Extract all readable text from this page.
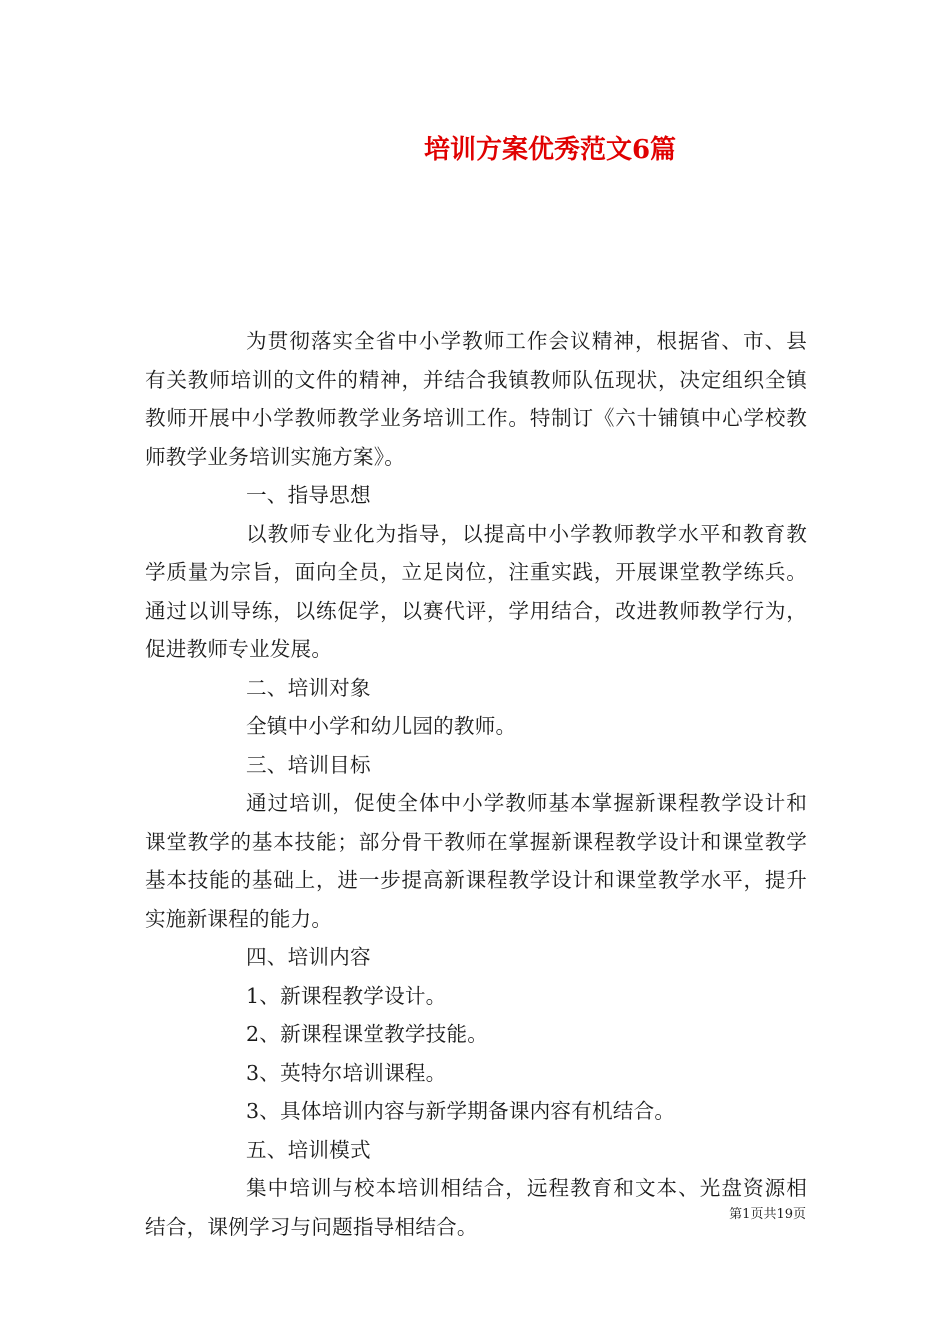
培训方案优秀范文6篇

为贯彻落实全省中小学教师工作会议精神，根据省、市、县有关教师培训的文件的精神，并结合我镇教师队伍现状，决定组织全镇教师开展中小学教师教学业务培训工作。特制订《六十铺镇中心学校教师教学业务培训实施方案》。

一、指导思想

以教师专业化为指导，以提高中小学教师教学水平和教育教学质量为宗旨，面向全员，立足岗位，注重实践，开展课堂教学练兵。通过以训导练，以练促学，以赛代评，学用结合，改进教师教学行为，促进教师专业发展。

二、培训对象

全镇中小学和幼儿园的教师。

三、培训目标

通过培训，促使全体中小学教师基本掌握新课程教学设计和课堂教学的基本技能；部分骨干教师在掌握新课程教学设计和课堂教学基本技能的基础上，进一步提高新课程教学设计和课堂教学水平，提升实施新课程的能力。

四、培训内容

1、新课程教学设计。

2、新课程课堂教学技能。

3、英特尔培训课程。

3、具体培训内容与新学期备课内容有机结合。

五、培训模式

集中培训与校本培训相结合，远程教育和文本、光盘资源相结合，课例学习与问题指导相结合。	第1页共19页
